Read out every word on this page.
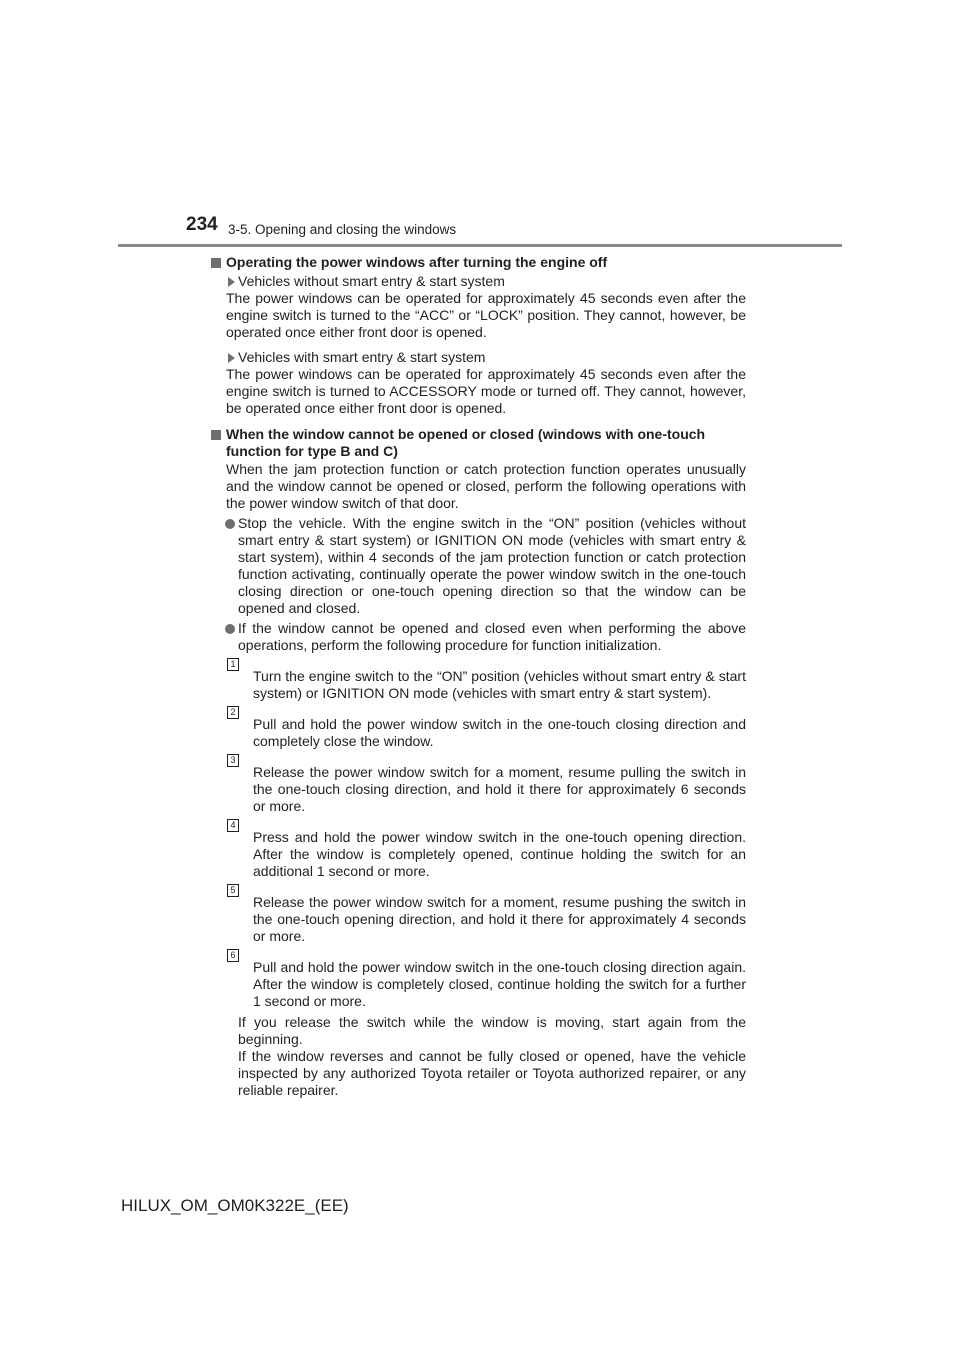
234 3-5. Opening and closing the windows
Operating the power windows after turning the engine off
Vehicles without smart entry & start system
The power windows can be operated for approximately 45 seconds even after the engine switch is turned to the “ACC” or “LOCK” position. They cannot, however, be operated once either front door is opened.
Vehicles with smart entry & start system
The power windows can be operated for approximately 45 seconds even after the engine switch is turned to ACCESSORY mode or turned off. They cannot, however, be operated once either front door is opened.
When the window cannot be opened or closed (windows with one-touch function for type B and C)
When the jam protection function or catch protection function operates unusually and the window cannot be opened or closed, perform the following operations with the power window switch of that door.
Stop the vehicle. With the engine switch in the “ON” position (vehicles without smart entry & start system) or IGNITION ON mode (vehicles with smart entry & start system), within 4 seconds of the jam protection function or catch protection function activating, continually operate the power window switch in the one-touch closing direction or one-touch opening direction so that the window can be opened and closed.
If the window cannot be opened and closed even when performing the above operations, perform the following procedure for function initialization.
1
Turn the engine switch to the “ON” position (vehicles without smart entry & start system) or IGNITION ON mode (vehicles with smart entry & start system).
2
Pull and hold the power window switch in the one-touch closing direction and completely close the window.
3
Release the power window switch for a moment, resume pulling the switch in the one-touch closing direction, and hold it there for approximately 6 seconds or more.
4
Press and hold the power window switch in the one-touch opening direction. After the window is completely opened, continue holding the switch for an additional 1 second or more.
5
Release the power window switch for a moment, resume pushing the switch in the one-touch opening direction, and hold it there for approximately 4 seconds or more.
6
Pull and hold the power window switch in the one-touch closing direction again. After the window is completely closed, continue holding the switch for a further 1 second or more.
If you release the switch while the window is moving, start again from the beginning.
If the window reverses and cannot be fully closed or opened, have the vehicle inspected by any authorized Toyota retailer or Toyota authorized repairer, or any reliable repairer.
HILUX_OM_OM0K322E_(EE)
